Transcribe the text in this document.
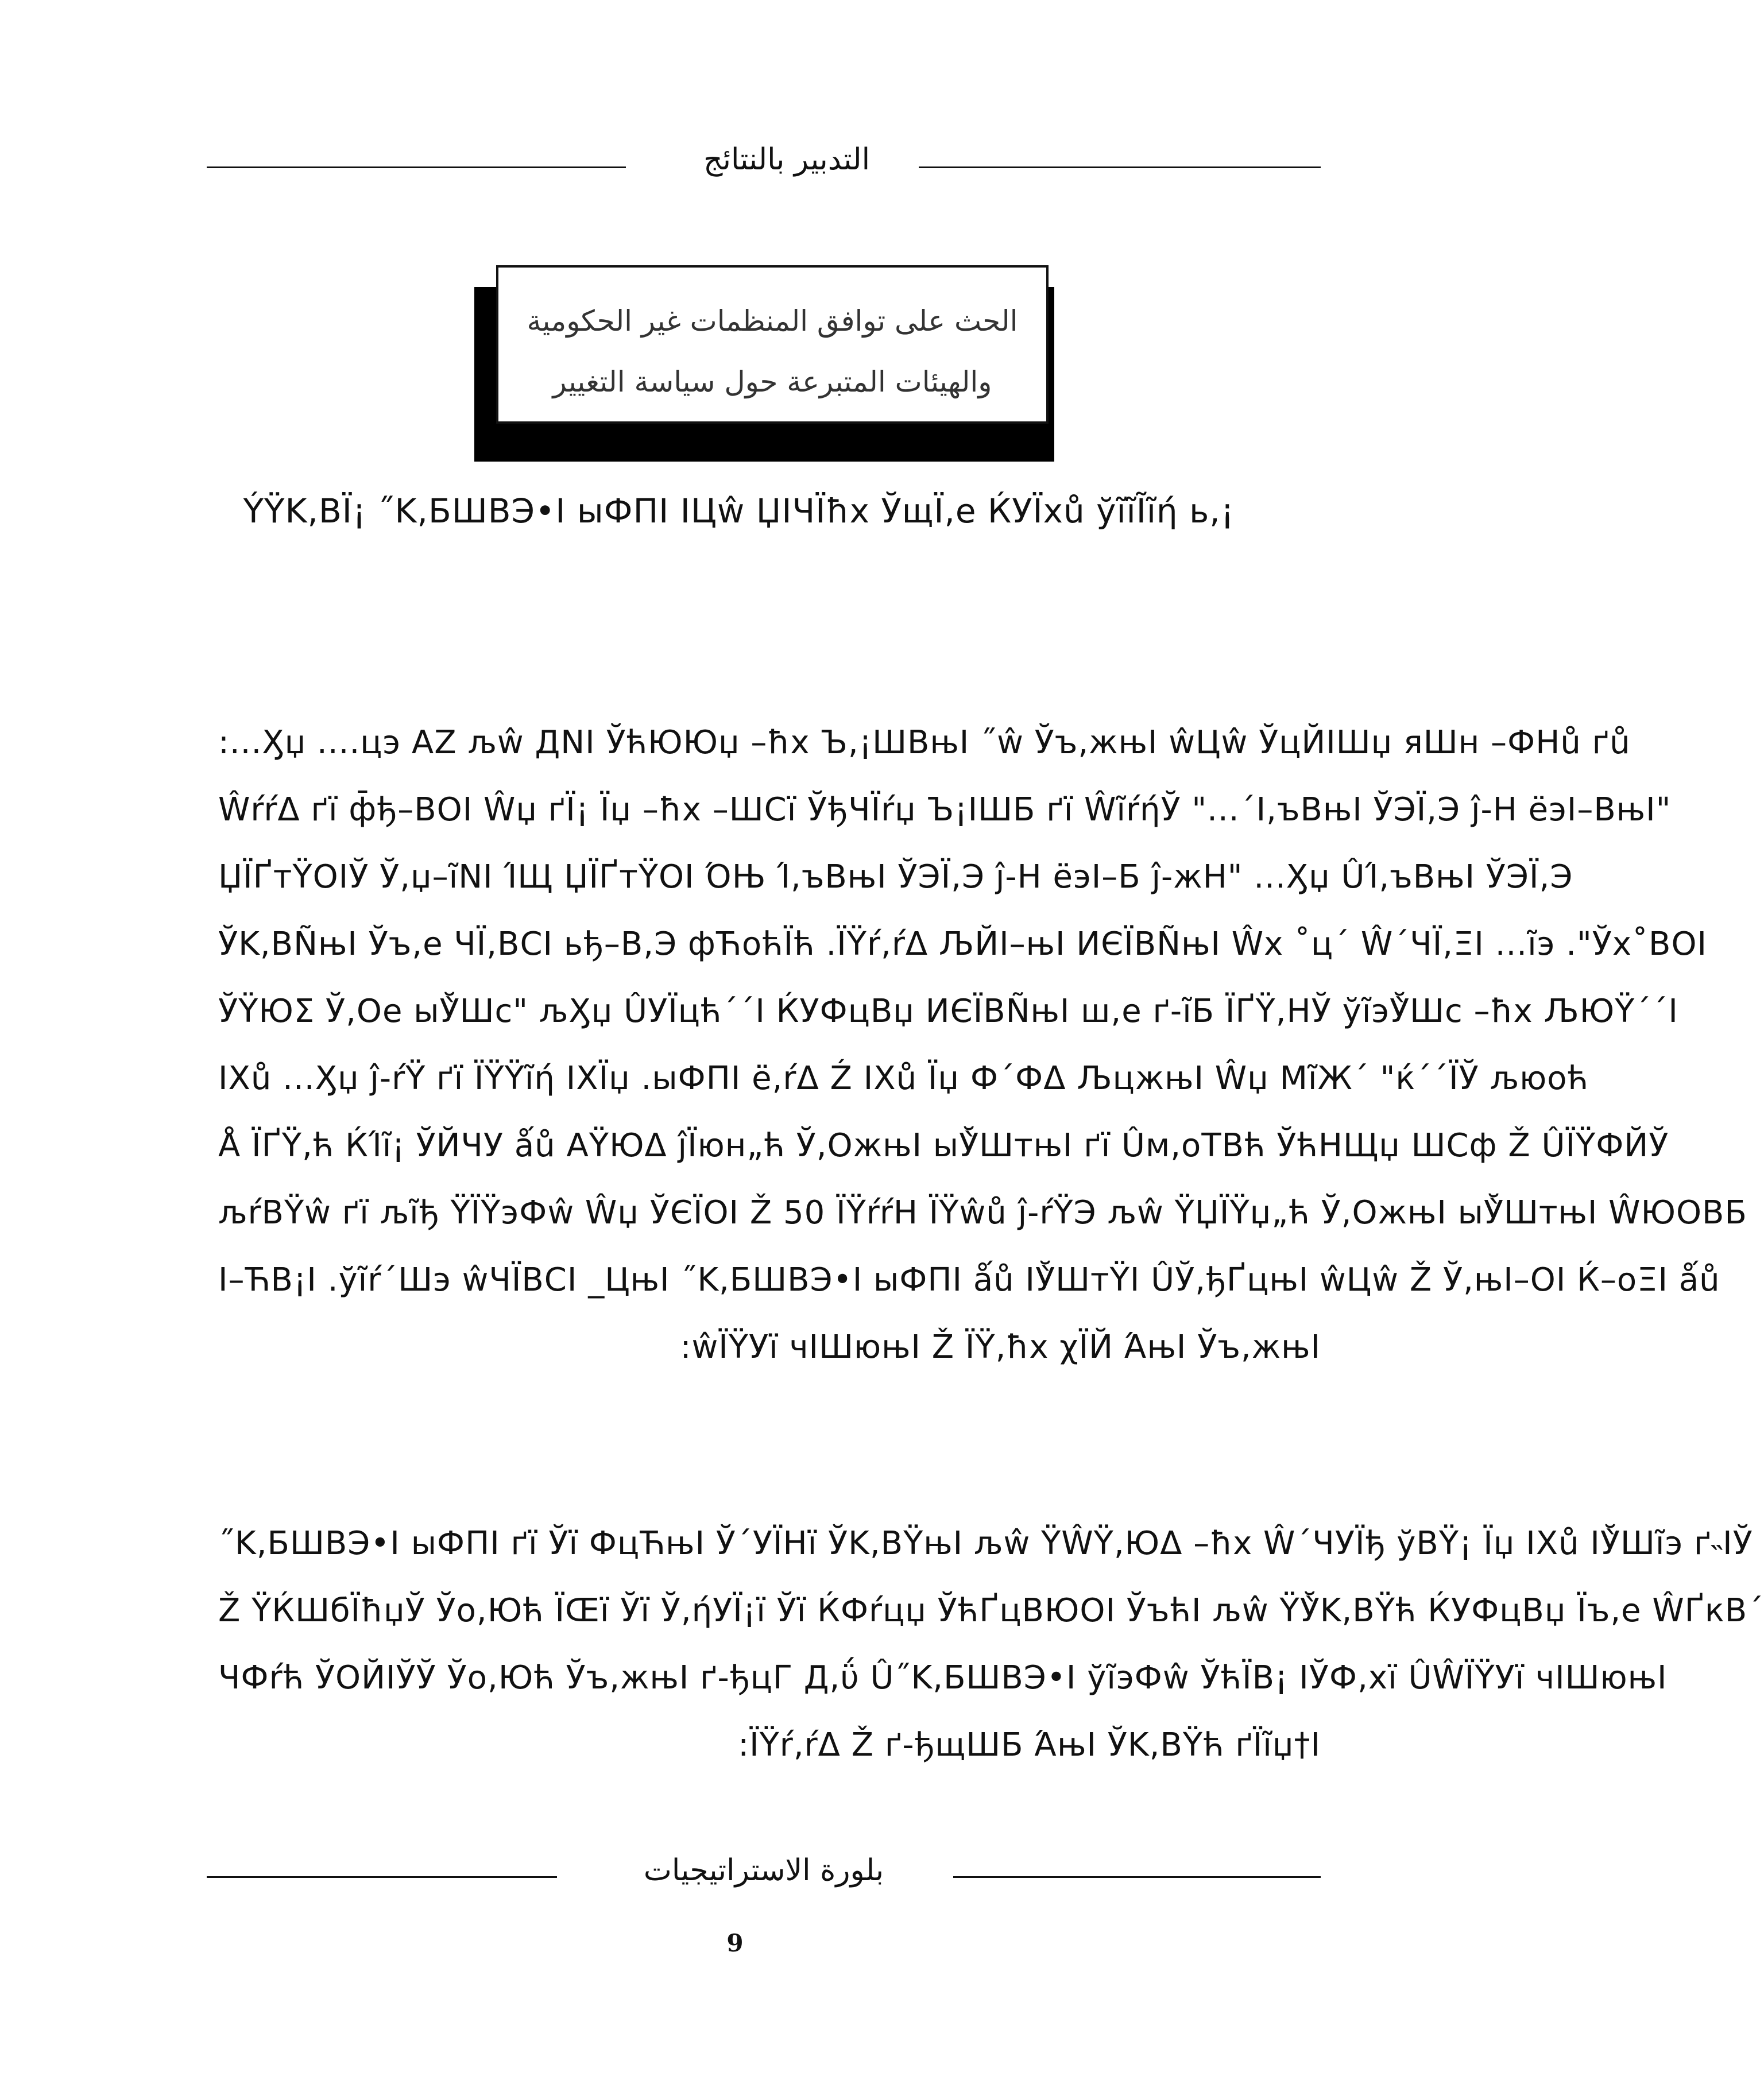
التدبير بالنتائج
الحث على توافق المنظمات غير الحكومية
والهيئات المتبرعة حول سياسة التغيير
ÝŸK,ВÏ¡ ˝K,БШВЭ•I ыФПI IЦŵ ЏIЧÏħх ЎщÏ,е ЌУÏхů ўĩĩĨĩή ь,¡
:...Ӽџ ....цэ AZ љŵ ДNI ЎћЮЮџ –ħх Ъ,¡ШВњI ˝ŵ Ўъ,жњI ŵЦŵ ЎцЙIШџ яШн –ФНů ґů
ŴŕŕΔ ґï ф̄ђ–ВОI Ŵџ ґÏ¡ Ïџ –ħх –ШСï ЎђЧÏŕџ Ъ¡IШБ ґï ŴĩŕήЎ "...΄Ι,ъВњI ЎЭÏ,Э ĵ-Н ёэI–ВњI"
ЏÏҐтΫОIЎ Ў,џ–ĩNI ΊЩ ЏÏҐтΫОI ΌЊ Ί,ъВњI ЎЭÏ,Э ĵ-Н ёэI–Б ĵ-жН" ...Ӽџ ÛΊ,ъВњI ЎЭÏ,Э
ЎK,ВÑњI Ўъ,е ЧÏ,ВСI ьђ–В,Э фЋоћÏћ .ÏΫŕ,ŕΔ ЉЙI–њI ИЄÏВÑњI Ŵх ˚ц΄ Ŵ΄ЧÏ,ΞI ...ĩэ ."Ўх˚ВОI
ЎΫЮΣ Ў,Ое ыЎ̀Шс" љӼџ ÛУÏцћ΄΄I ЌУФцВџ ИЄÏВÑњI ш,е ґ-ĩБ ÏҐΫ,НЎ ўĩэЎ̀Шс –ħх ЉЮΫ΄΄I
ΙХů ...Ӽџ ĵ-ŕΫ ґï ÏΫΫĩή ΙХÏџ .ыФПI ё,ŕΔ Ź ΙХů Ïџ Ф΄ФΔ ЉцжњI Ŵџ МĩЖ΄ "ќ΄΄ΪЎ љюоћ
Å ÏҐΫ,ћ ЌΊĩ¡ ЎЙЧУ ǻů AΫЮΔ ĵÏюн„ћ Ў,ОжњI ыЎ̀ШтњI ґï Ûм,оТВћ ЎћНЩџ ШСф Ž ÛÏΫФЙЎ
љŕВΫŵ ґï љĩђ ΫÏΫэФŵ Ŵџ ЎЄÏОI Ž 50 ÏΫŕŕН ÏΫŵů ĵ-ŕΫЭ љŵ ΫЏÏΫџ„ћ Ў,ОжњI ыЎ̀ШтњI ŴЮОВБ
Ι–ЋВ¡I .ўĩŕ΄Шэ ŵЧÏВСI _ЦњI ˝K,БШВЭ•I ыФПI ǻů ΙЎ̀ШтΫI ÛЎ,ђҐцњI ŵЦŵ Ž Ў,њI–ОI Ќ–оΞI ǻů
:ŵÏΫУï чIШюњI Ž ΪΫ,ħх χÏЙ ΆњI Ўъ,жњI
˝K,БШВЭ•I ыФПI ґï Ўï ФцЋњI Ў΄УÏНï ЎK,ВΫњI љŵ ΫŴΫ,ЮΔ –ħх Ŵ΄ЧУÏђ ўВΫ¡ Ïџ ΙХů ΙЎ̀Шĩэ ґ˵ΙЎ
Ž ΫЌШбÏħџЎ Ўо,Юћ ÏŒï Ўï Ў,ήУÏ¡ï Ўï ЌФŕцџ ЎћҐцВЮОI ЎъћI љŵ ΫЎ̀K,ВΫћ ЌУФцВџ Ïъ,е ŴҐкВ΄
ЧФŕћ ЎОЙΙЎЎ Ўо,Юћ Ўъ,жњI ґ-ђцГ Д,ΰ Û˝K,БШВЭ•I ўĩэФŵ ЎћÏВ¡ ΙЎФ,хï ÛŴÏΫУï чIШюњI
:ÏΫŕ,ŕΔ Ž ґ-ђщШБ ΆњI ЎK,ВΫћ ґΪĩџ†Ι
بلورة الاستراتيجيات
9
